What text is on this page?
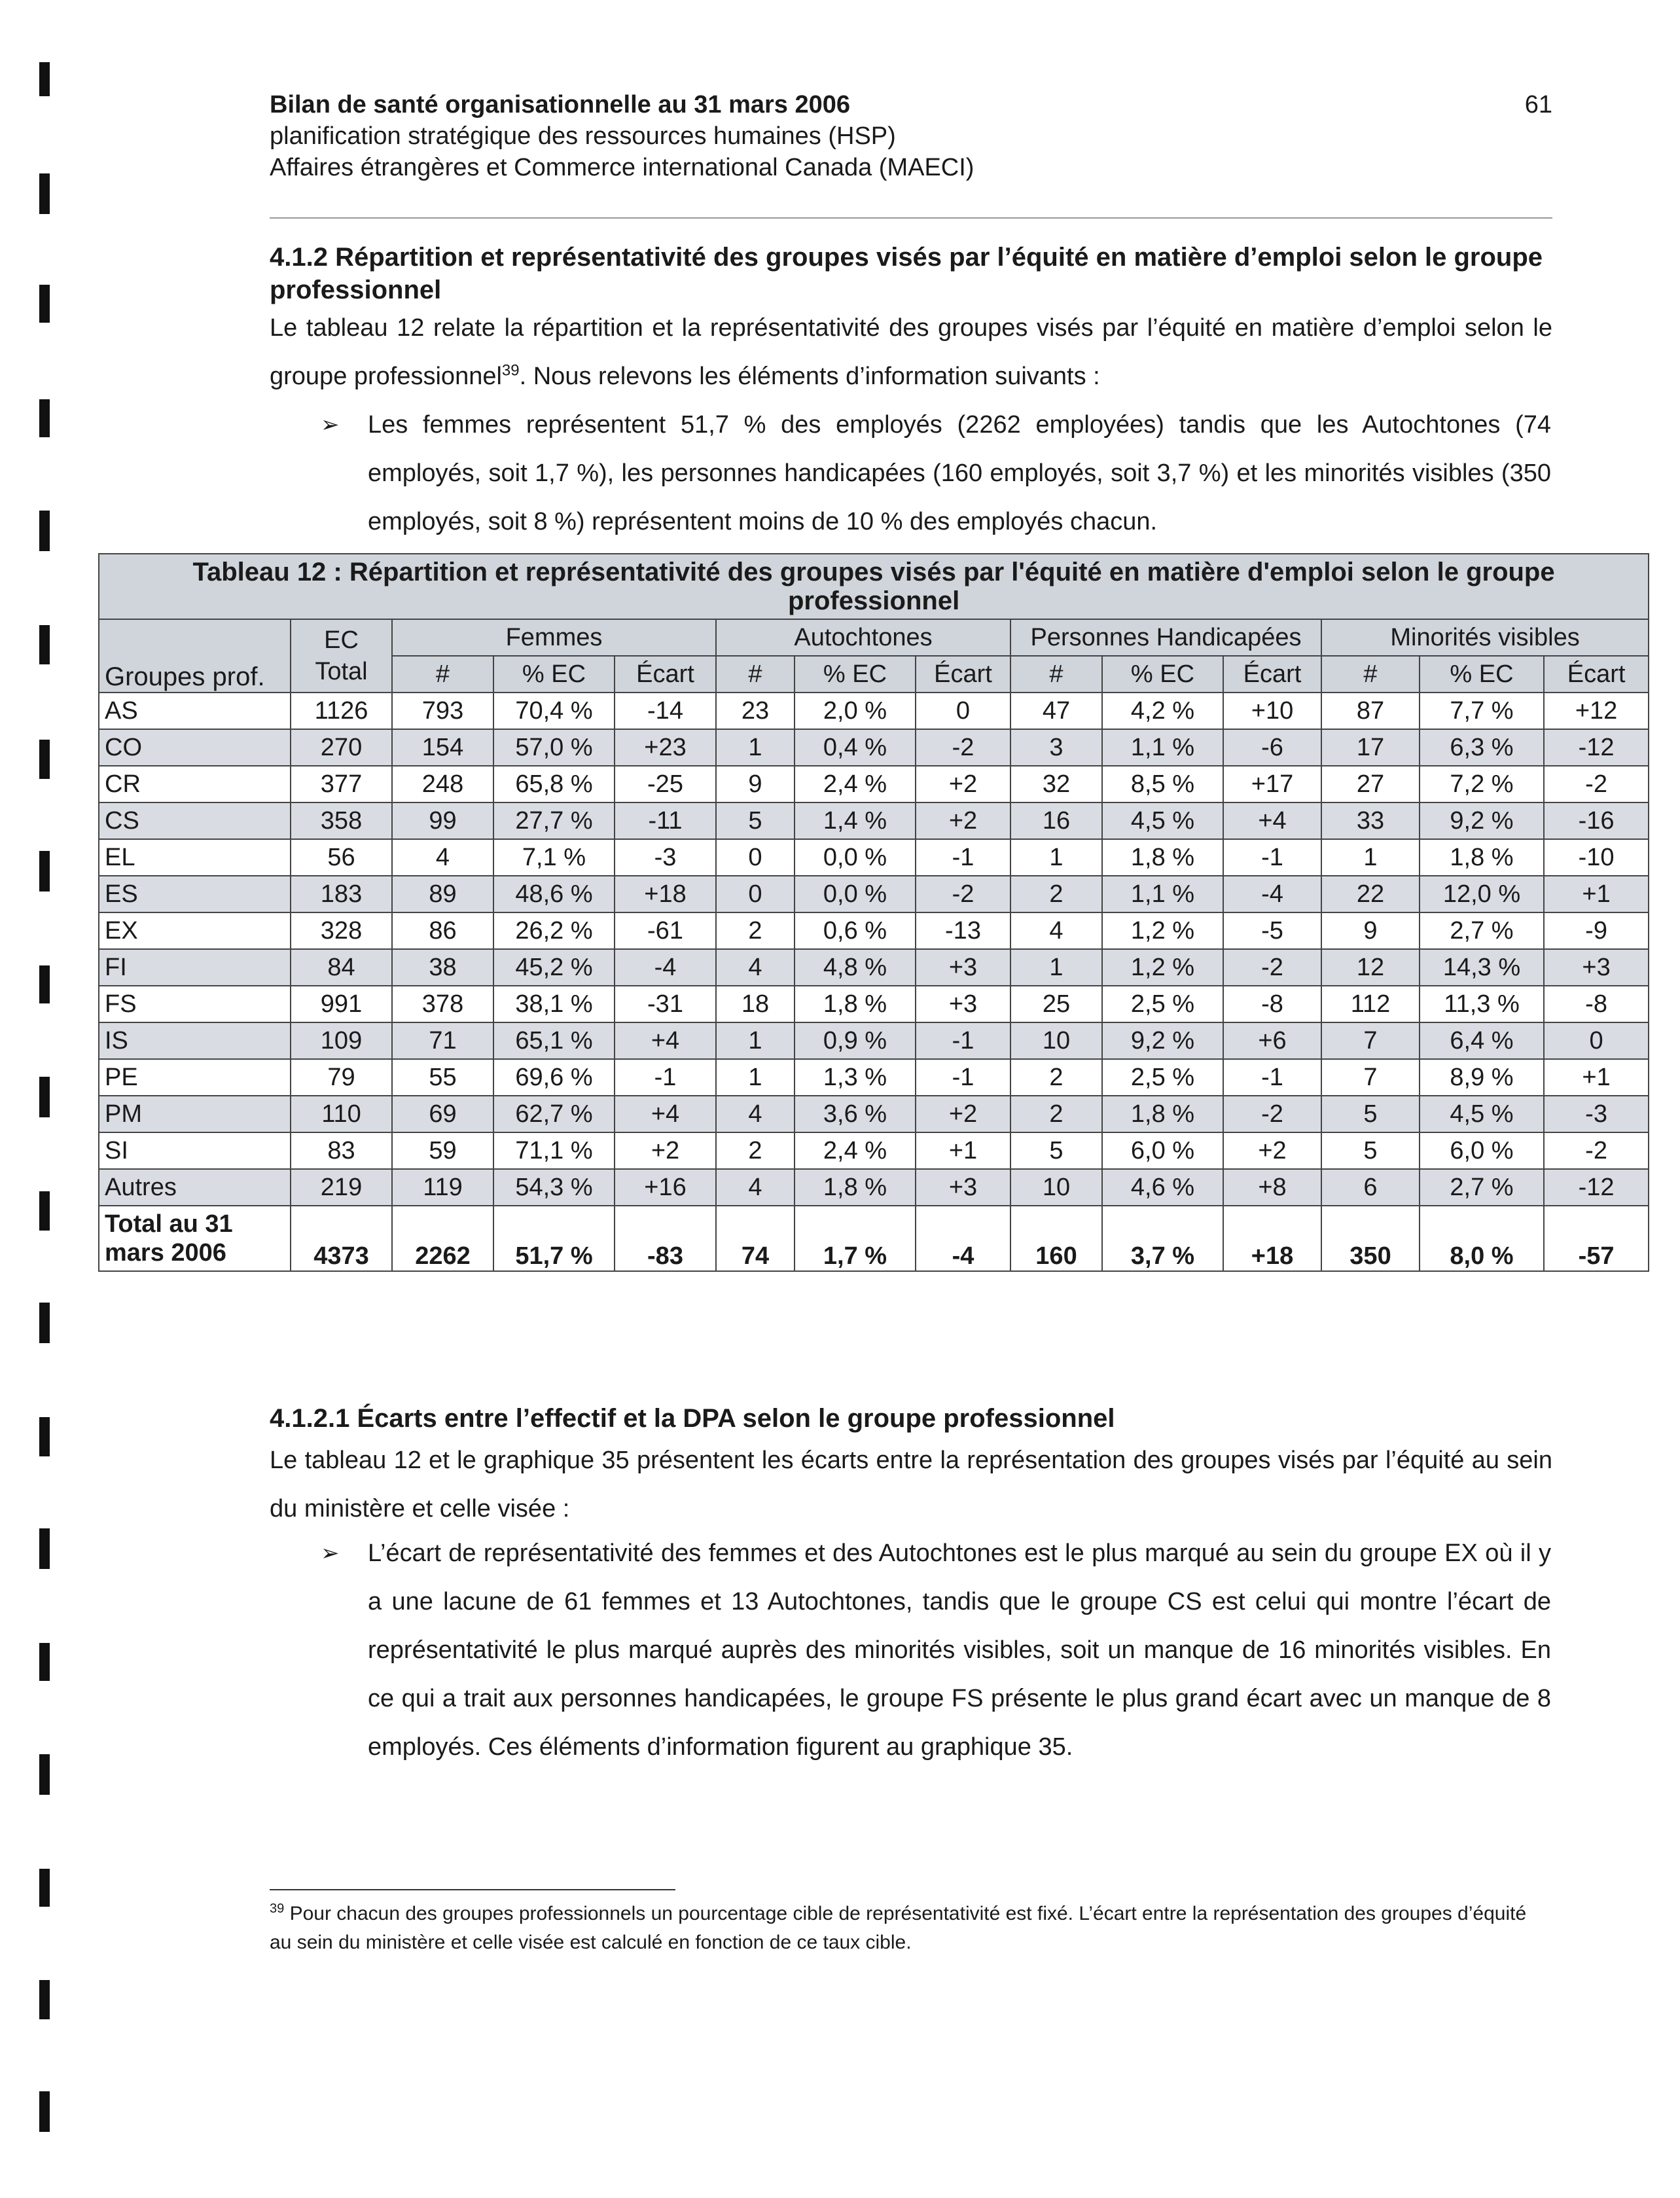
Bilan de santé organisationnelle au 31 mars 2006
planification stratégique des ressources humaines (HSP)
Affaires étrangères et Commerce international Canada (MAECI)
61
4.1.2 Répartition et représentativité des groupes visés par l’équité en matière d’emploi selon le groupe professionnel
Le tableau 12 relate la répartition et la représentativité des groupes visés par l’équité en matière d’emploi selon le groupe professionnel$^{39}$. Nous relevons les éléments d’information suivants :
➢ Les femmes représentent 51,7 % des employés (2262 employées) tandis que les Autochtones (74 employés, soit 1,7 %), les personnes handicapées (160 employés, soit 3,7 %) et les minorités visibles (350 employés, soit 8 %) représentent moins de 10 % des employés chacun.
Tableau 12 : Répartition et représentativité des groupes visés par l'équité en matière d'emploi selon le groupe professionnel													
Groupes prof.	EC Total	Femmes			Autochtones			Personnes Handicapées			Minorités visibles		
		#	% EC	Écart	#	% EC	Écart	#	% EC	Écart	#	% EC	Écart
AS	1126	793	70,4 %	-14	23	2,0 %	0	47	4,2 %	+10	87	7,7 %	+12
CO	270	154	57,0 %	+23	1	0,4 %	-2	3	1,1 %	-6	17	6,3 %	-12
CR	377	248	65,8 %	-25	9	2,4 %	+2	32	8,5 %	+17	27	7,2 %	-2
CS	358	99	27,7 %	-11	5	1,4 %	+2	16	4,5 %	+4	33	9,2 %	-16
EL	56	4	7,1 %	-3	0	0,0 %	-1	1	1,8 %	-1	1	1,8 %	-10
ES	183	89	48,6 %	+18	0	0,0 %	-2	2	1,1 %	-4	22	12,0 %	+1
EX	328	86	26,2 %	-61	2	0,6 %	-13	4	1,2 %	-5	9	2,7 %	-9
FI	84	38	45,2 %	-4	4	4,8 %	+3	1	1,2 %	-2	12	14,3 %	+3
FS	991	378	38,1 %	-31	18	1,8 %	+3	25	2,5 %	-8	112	11,3 %	-8
IS	109	71	65,1 %	+4	1	0,9 %	-1	10	9,2 %	+6	7	6,4 %	0
PE	79	55	69,6 %	-1	1	1,3 %	-1	2	2,5 %	-1	7	8,9 %	+1
PM	110	69	62,7 %	+4	4	3,6 %	+2	2	1,8 %	-2	5	4,5 %	-3
SI	83	59	71,1 %	+2	2	2,4 %	+1	5	6,0 %	+2	5	6,0 %	-2
Autres	219	119	54,3 %	+16	4	1,8 %	+3	10	4,6 %	+8	6	2,7 %	-12
Total au 31 mars 2006	4373	2262	51,7 %	-83	74	1,7 %	-4	160	3,7 %	+18	350	8,0 %	-57
4.1.2.1 Écarts entre l’effectif et la DPA selon le groupe professionnel
Le tableau 12 et le graphique 35 présentent les écarts entre la représentation des groupes visés par l’équité au sein du ministère et celle visée :
➢ L’écart de représentativité des femmes et des Autochtones est le plus marqué au sein du groupe EX où il y a une lacune de 61 femmes et 13 Autochtones, tandis que le groupe CS est celui qui montre l’écart de représentativité le plus marqué auprès des minorités visibles, soit un manque de 16 minorités visibles. En ce qui a trait aux personnes handicapées, le groupe FS présente le plus grand écart avec un manque de 8 employés. Ces éléments d’information figurent au graphique 35.
$^{39}$ Pour chacun des groupes professionnels un pourcentage cible de représentativité est fixé. L’écart entre la représentation des groupes d’équité au sein du ministère et celle visée est calculé en fonction de ce taux cible.
